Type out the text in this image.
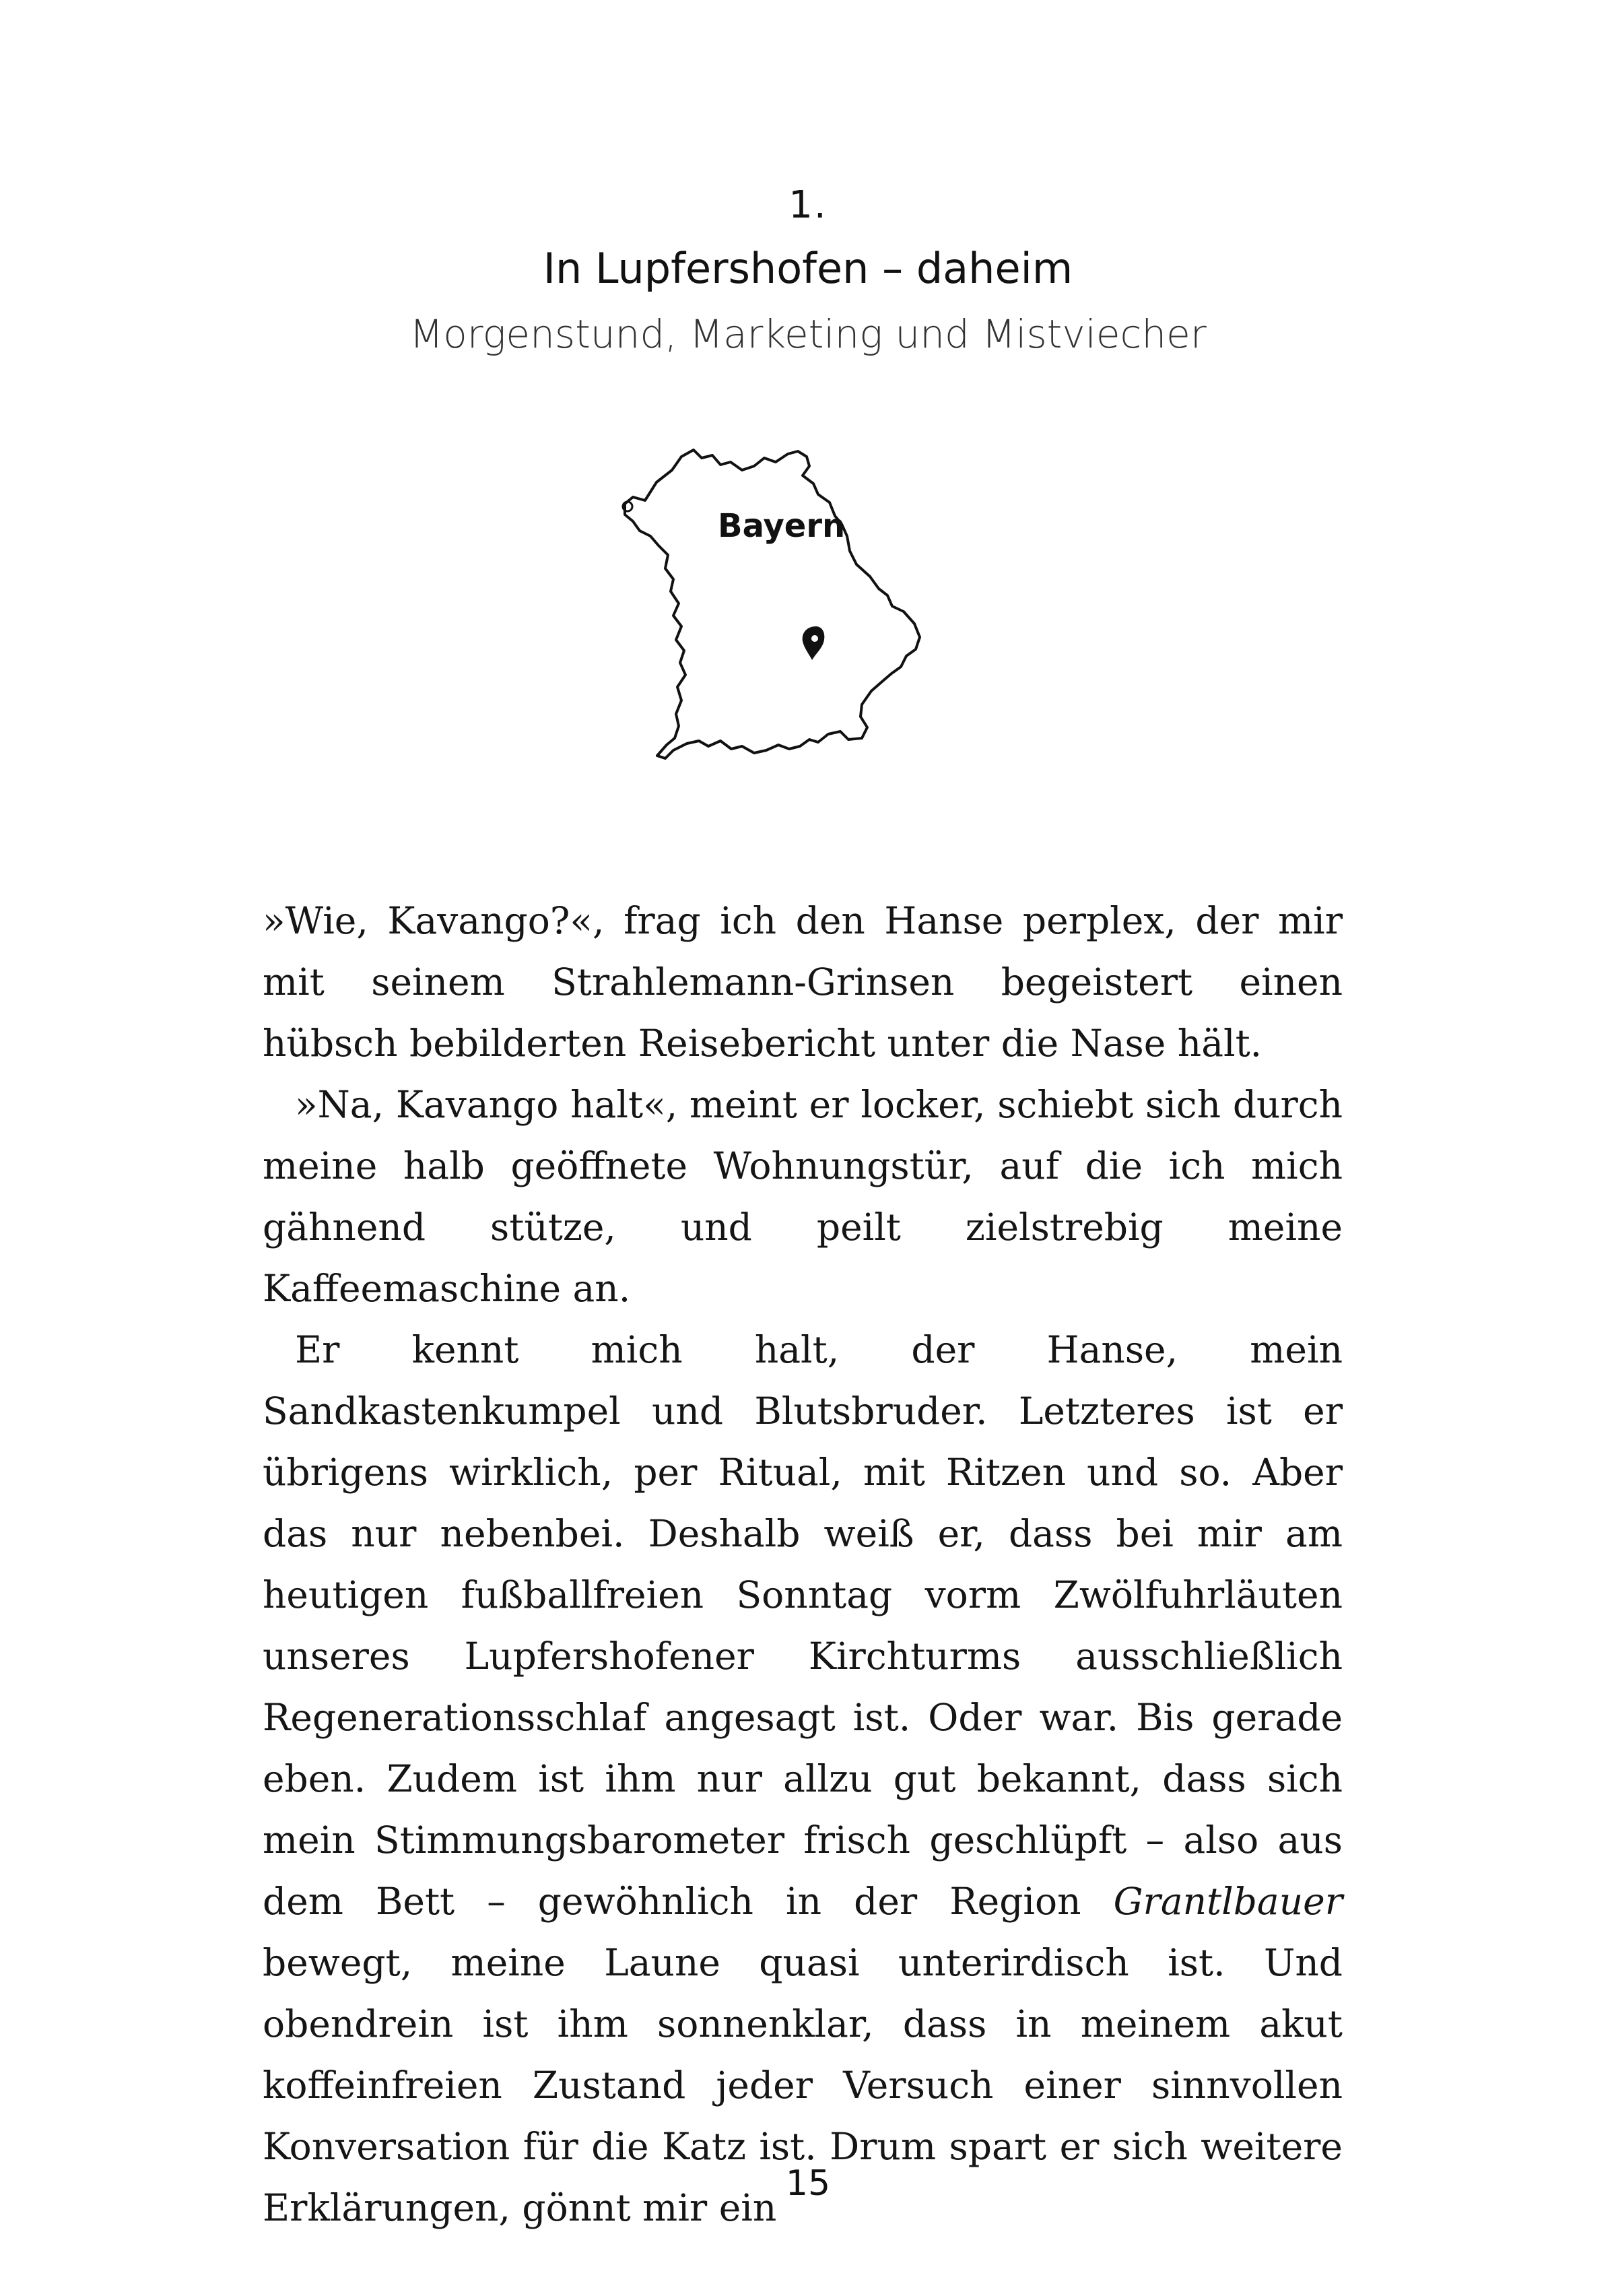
1.
In Lupfershofen – daheim
Morgenstund, Marketing und Mistviecher
Bayern

»Wie, Kavango?«, frag ich den Hanse perplex, der mir mit seinem Strahlemann-Grinsen begeistert einen hübsch bebilderten Reisebericht unter die Nase hält.

»Na, Kavango halt«, meint er locker, schiebt sich durch meine halb geöffnete Wohnungstür, auf die ich mich gähnend stütze, und peilt zielstrebig meine Kaffeemaschine an.

Er kennt mich halt, der Hanse, mein Sandkastenkumpel und Blutsbruder. Letzteres ist er übrigens wirklich, per Ritual, mit Ritzen und so. Aber das nur nebenbei. Deshalb weiß er, dass bei mir am heutigen fußballfreien Sonntag vorm Zwölfuhrläuten unseres Lupfershofener Kirchturms ausschließlich Regenerationsschlaf angesagt ist. Oder war. Bis gerade eben. Zudem ist ihm nur allzu gut bekannt, dass sich mein Stimmungsbarometer frisch geschlüpft – also aus dem Bett – gewöhnlich in der Region Grantlbauer bewegt, meine Laune quasi unterirdisch ist. Und obendrein ist ihm sonnenklar, dass in meinem akut koffeinfreien Zustand jeder Versuch einer sinnvollen Konversation für die Katz ist. Drum spart er sich weitere Erklärungen, gönnt mir ein

15
